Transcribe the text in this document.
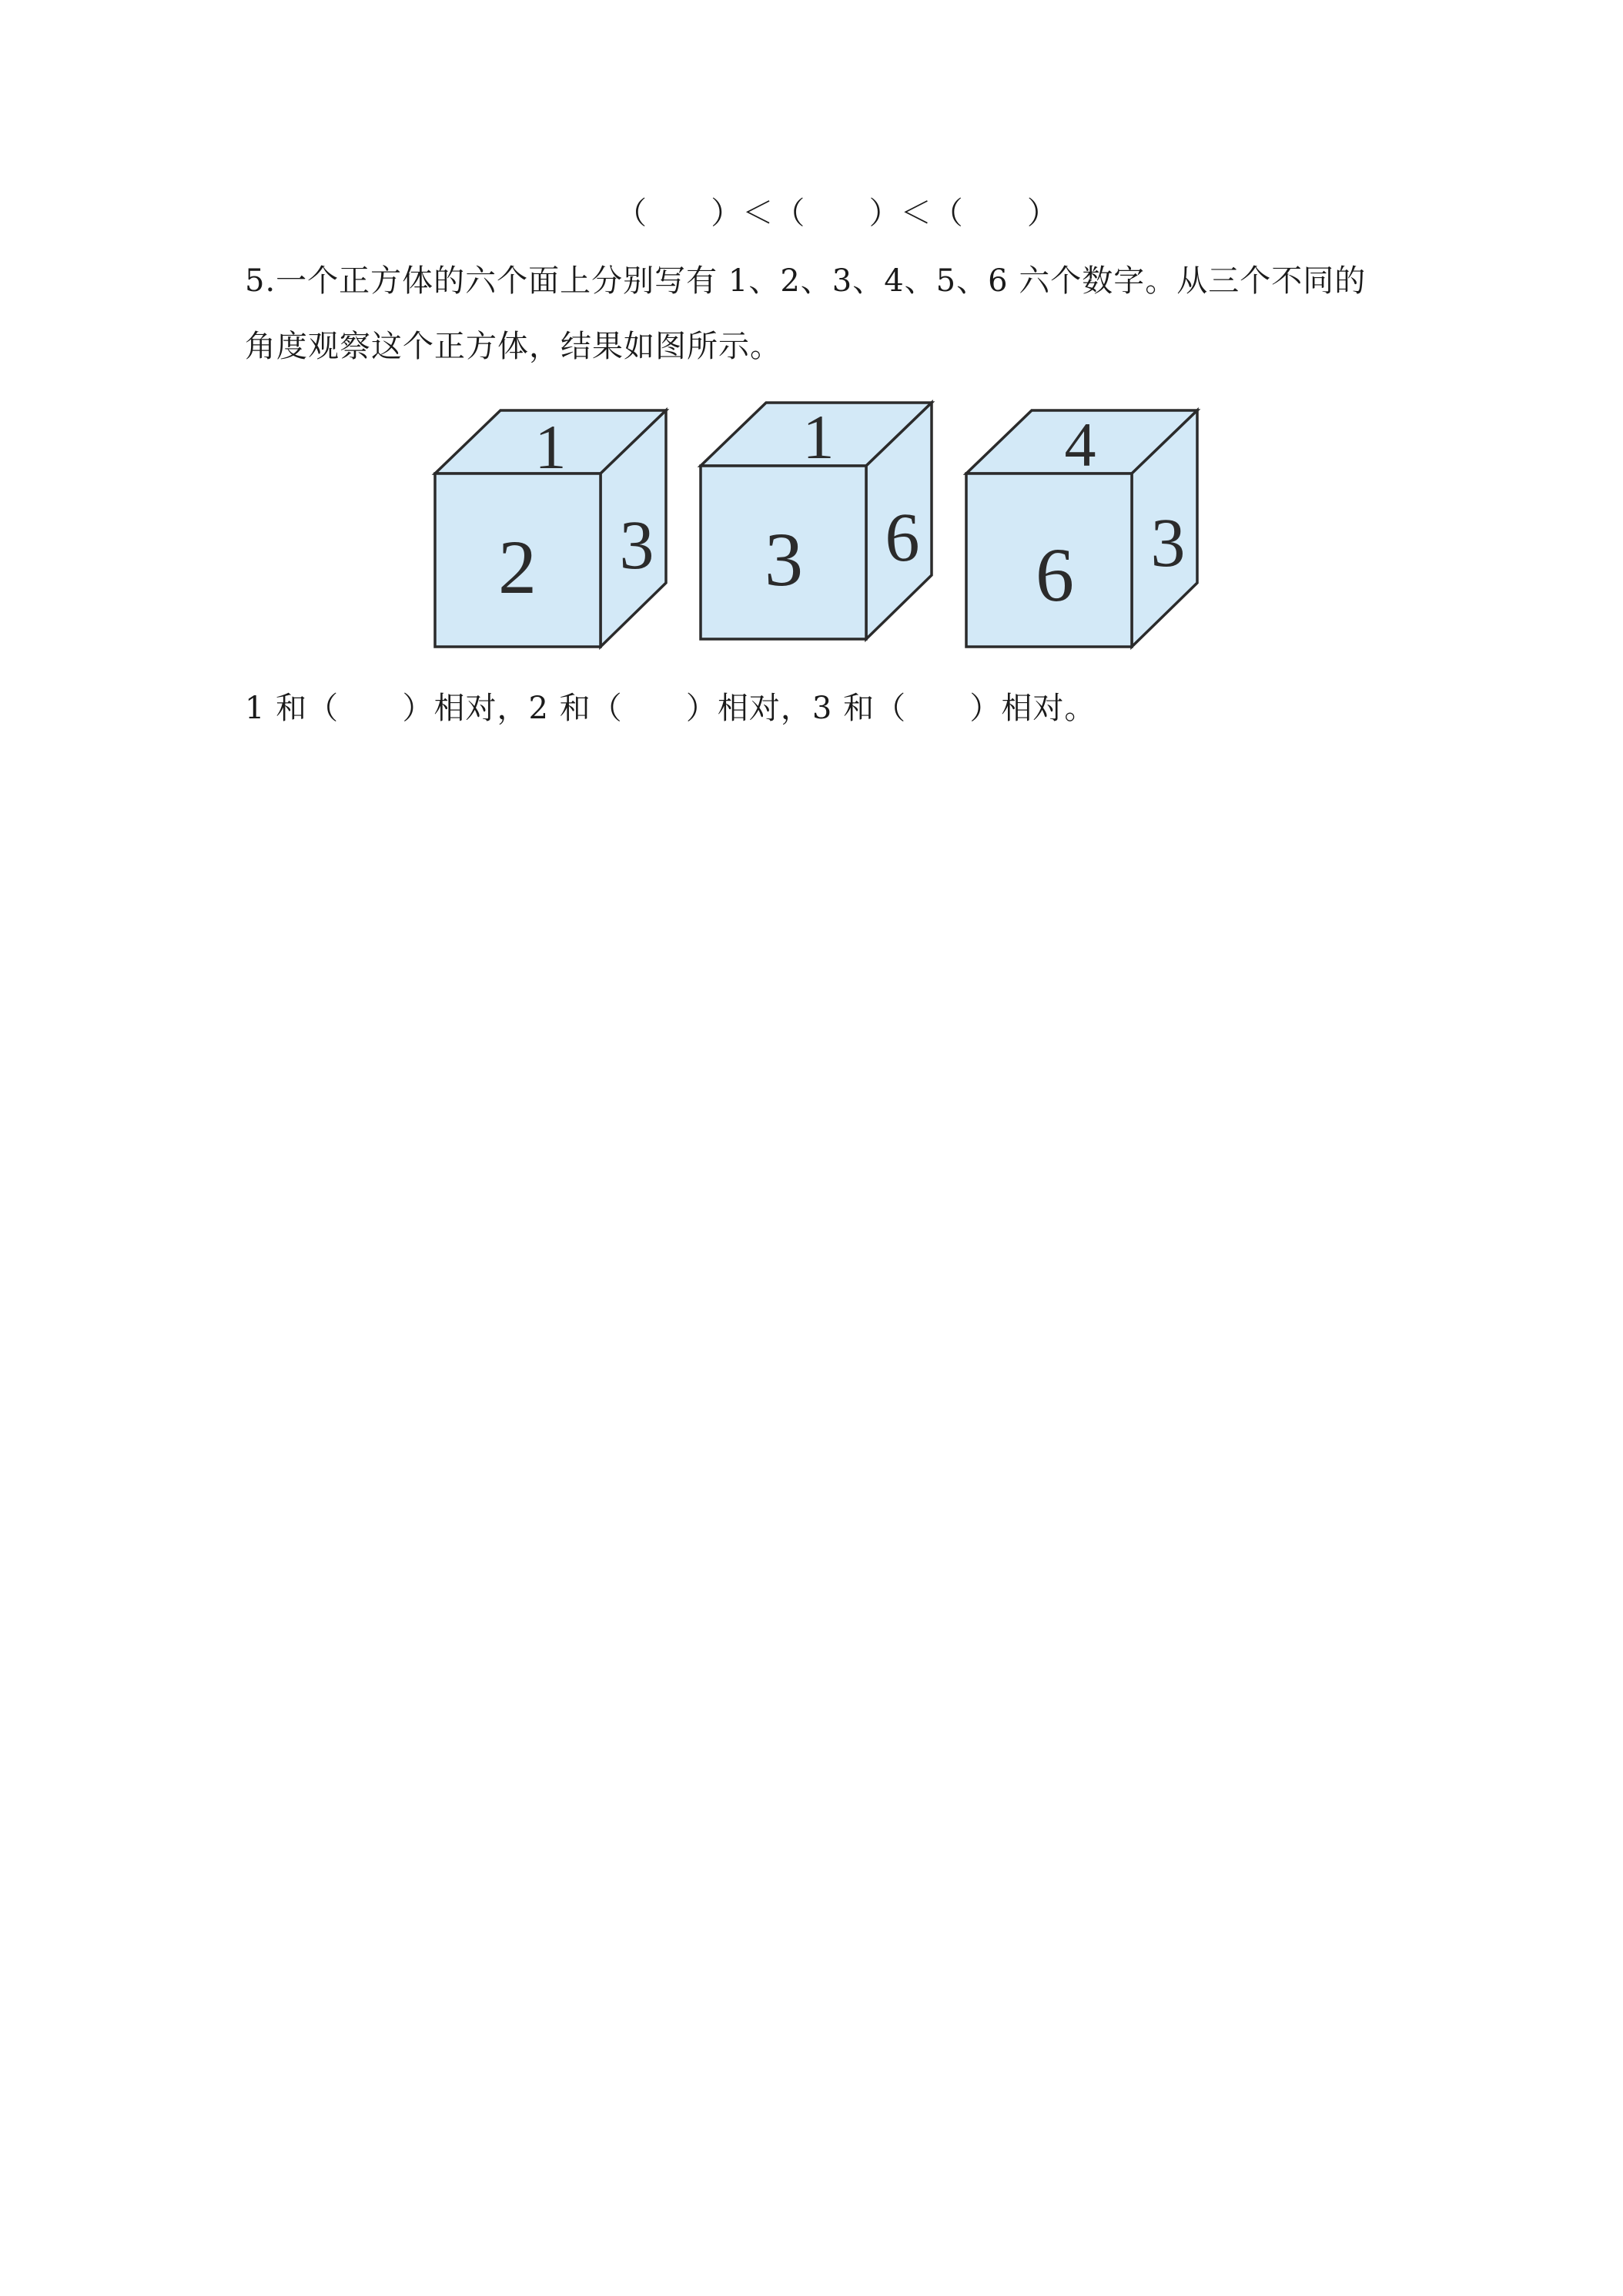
（      ）＜（      ）＜（      ）
5.一个正方体的六个面上分别写有 1、2、3、4、5、6 六个数字。从三个不同的
角度观察这个正方体，结果如图所示。
1
2 3
1
3 6
4
6 3
1 和（      ）相对，2 和（      ）相对，3 和（      ）相对。
